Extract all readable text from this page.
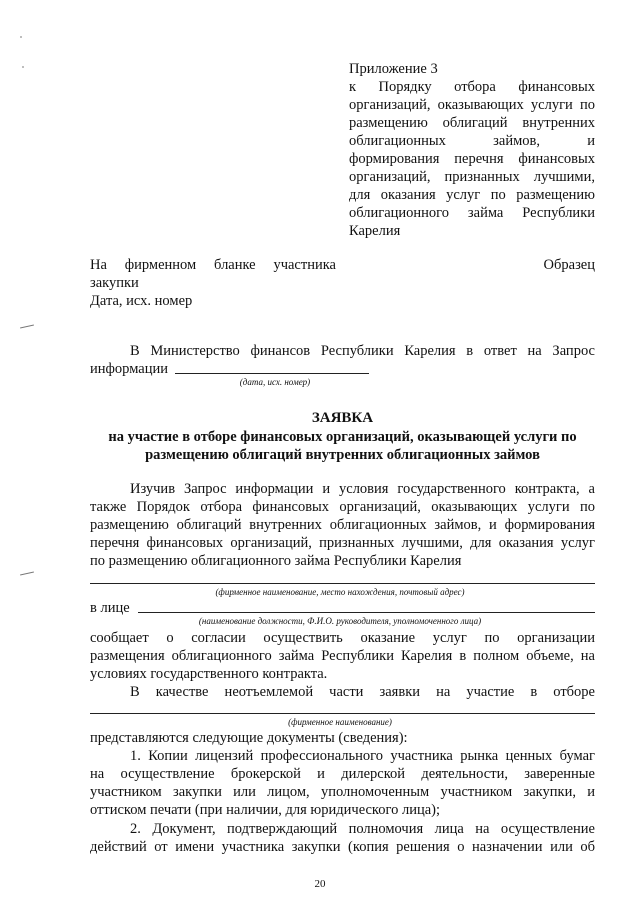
Приложение 3
к Порядку отбора финансовых
организаций, оказывающих услуги по
размещению облигаций внутренних
облигационных займов, и
формирования перечня финансовых
организаций, признанных лучшими,
для оказания услуг по размещению
облигационного займа Республики
Карелия
На фирменном бланке участника
закупки
Дата, исх. номер
Образец
В Министерство финансов Республики Карелия в ответ на Запрос
информации
(дата, исх. номер)
ЗАЯВКА
на участие в отборе финансовых организаций, оказывающей услуги по
размещению облигаций внутренних облигационных займов
Изучив Запрос информации и условия государственного контракта, а
также Порядок отбора финансовых организаций, оказывающих услуги по
размещению облигаций внутренних облигационных займов, и формирования
перечня финансовых организаций, признанных лучшими, для оказания услуг
по размещению облигационного займа Республики Карелия
(фирменное наименование, место нахождения, почтовый адрес)
в лице
(наименование должности, Ф.И.О. руководителя, уполномоченного лица)
сообщает о согласии осуществить оказание услуг по организации
размещения облигационного займа Республики Карелия в полном объеме, на
условиях государственного контракта.
В качестве неотъемлемой части заявки на участие в отборе
(фирменное наименование)
представляются следующие документы (сведения):
1. Копии лицензий профессионального участника рынка ценных бумаг
на осуществление брокерской и дилерской деятельности, заверенные
участником закупки или лицом, уполномоченным участником закупки, и
оттиском печати (при наличии, для юридического лица);
2. Документ, подтверждающий полномочия лица на осуществление
действий от имени участника закупки (копия решения о назначении или об
20
